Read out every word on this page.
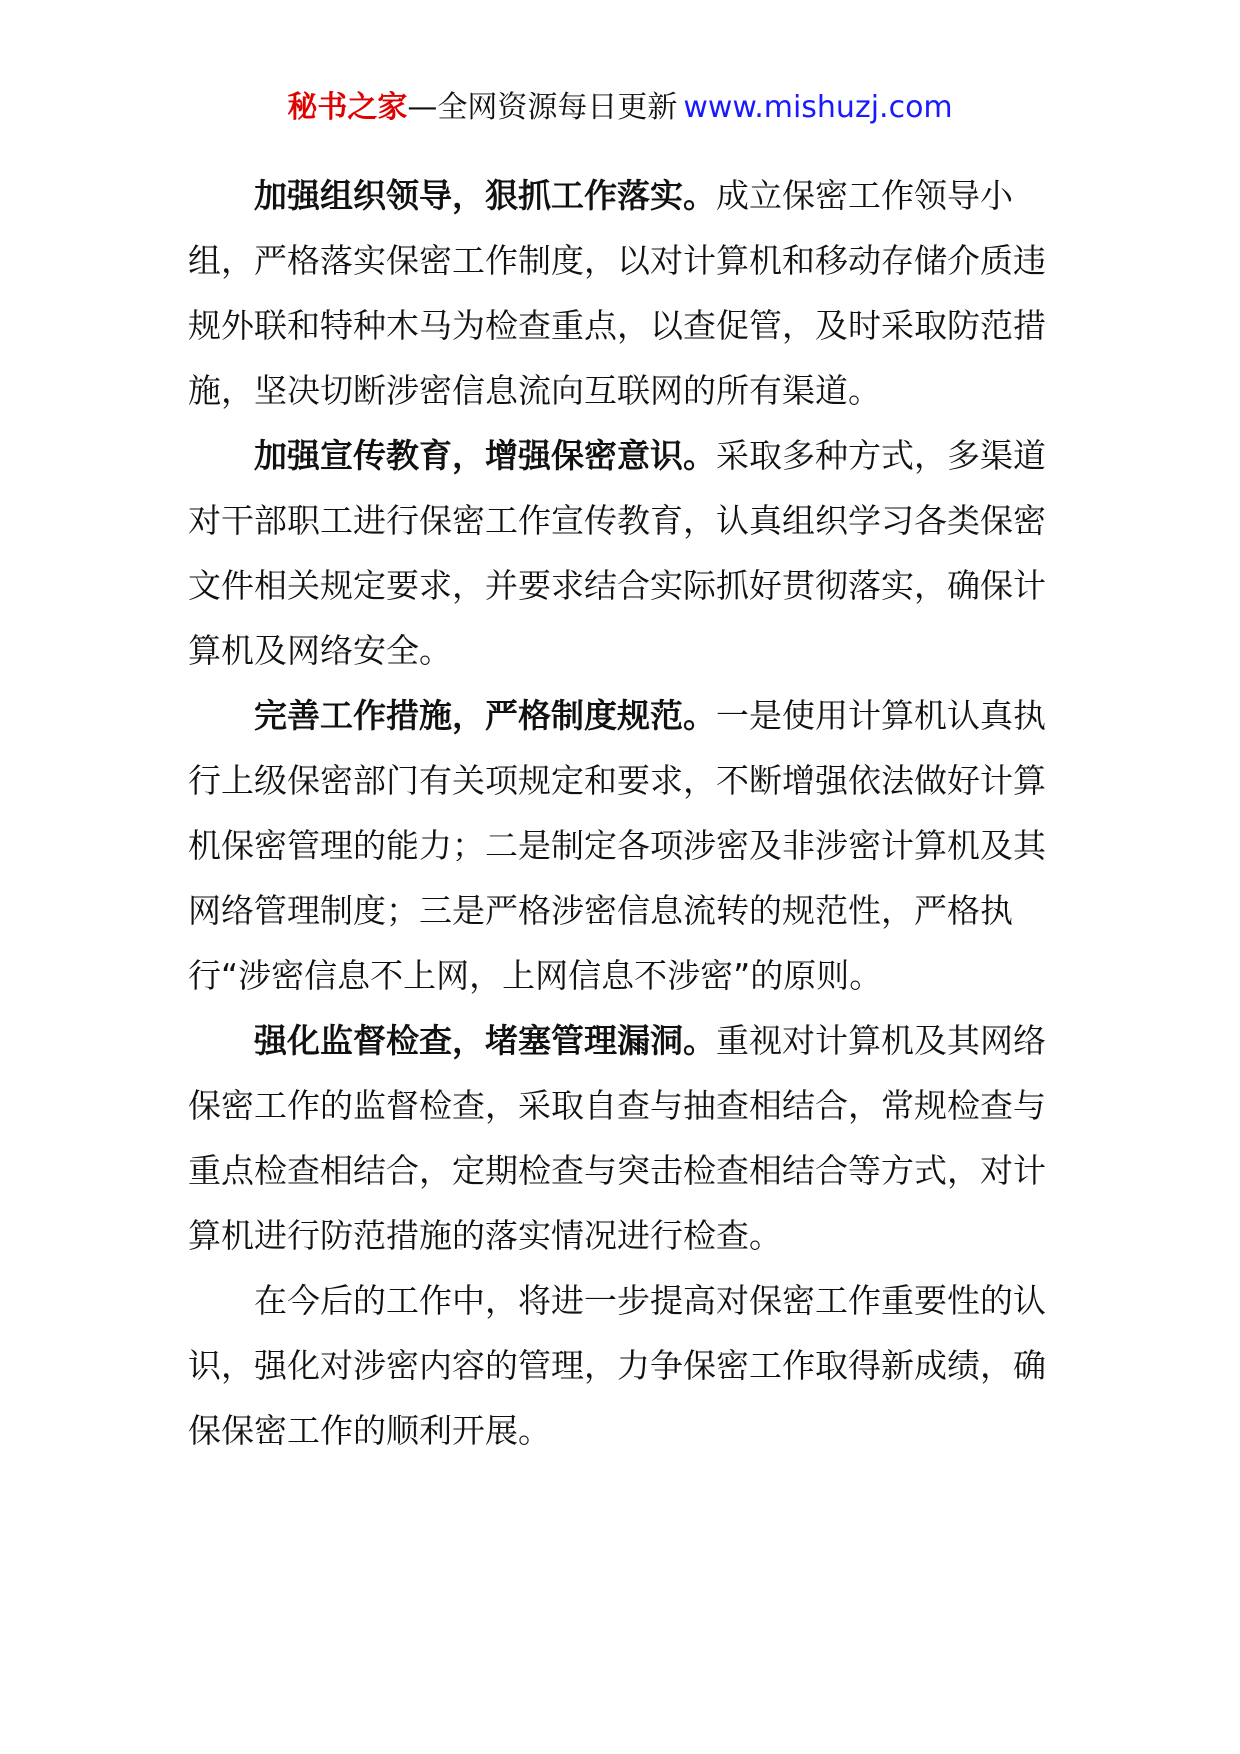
秘书之家—全网资源每日更新 www.mishuzj.com

加强组织领导，狠抓工作落实。成立保密工作领导小组，严格落实保密工作制度，以对计算机和移动存储介质违规外联和特种木马为检查重点，以查促管，及时采取防范措施，坚决切断涉密信息流向互联网的所有渠道。

加强宣传教育，增强保密意识。采取多种方式，多渠道对干部职工进行保密工作宣传教育，认真组织学习各类保密文件相关规定要求，并要求结合实际抓好贯彻落实，确保计算机及网络安全。

完善工作措施，严格制度规范。一是使用计算机认真执行上级保密部门有关项规定和要求，不断增强依法做好计算机保密管理的能力；二是制定各项涉密及非涉密计算机及其网络管理制度；三是严格涉密信息流转的规范性，严格执行“涉密信息不上网，上网信息不涉密”的原则。

强化监督检查，堵塞管理漏洞。重视对计算机及其网络保密工作的监督检查，采取自查与抽查相结合，常规检查与重点检查相结合，定期检查与突击检查相结合等方式，对计算机进行防范措施的落实情况进行检查。

在今后的工作中，将进一步提高对保密工作重要性的认识，强化对涉密内容的管理，力争保密工作取得新成绩，确保保密工作的顺利开展。
